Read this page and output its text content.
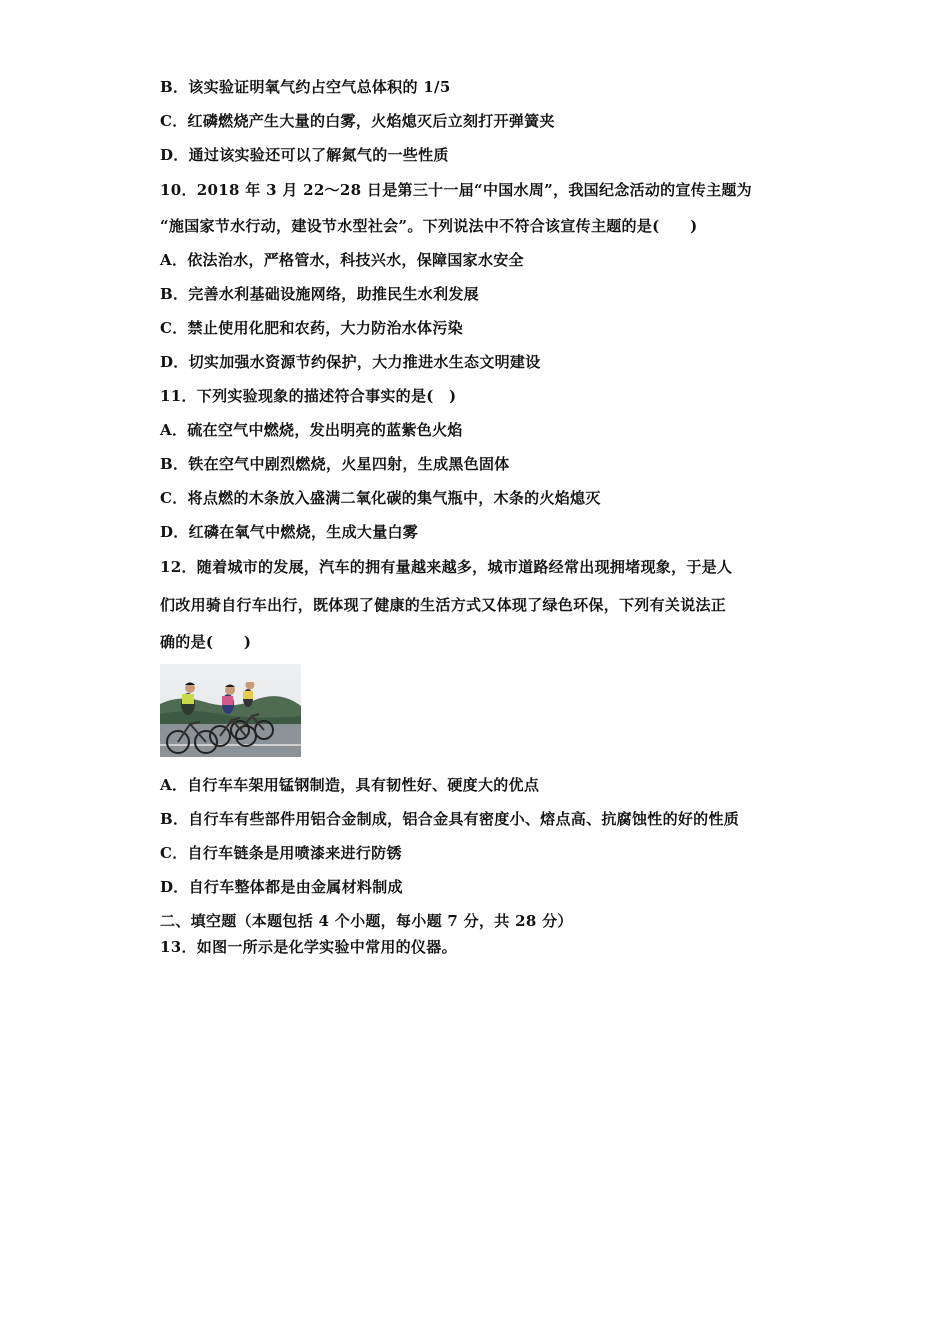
B．该实验证明氧气约占空气总体积的 1/5
C．红磷燃烧产生大量的白雾，火焰熄灭后立刻打开弹簧夹
D．通过该实验还可以了解氮气的一些性质
10．2018 年 3 月 22～28 日是第三十一届“中国水周”，我国纪念活动的宣传主题为
“施国家节水行动，建设节水型社会”。下列说法中不符合该宣传主题的是(　　)
A．依法治水，严格管水，科技兴水，保障国家水安全
B．完善水利基础设施网络，助推民生水利发展
C．禁止使用化肥和农药，大力防治水体污染
D．切实加强水资源节约保护，大力推进水生态文明建设
11．下列实验现象的描述符合事实的是(　)
A．硫在空气中燃烧，发出明亮的蓝紫色火焰
B．铁在空气中剧烈燃烧，火星四射，生成黑色固体
C．将点燃的木条放入盛满二氧化碳的集气瓶中，木条的火焰熄灭
D．红磷在氧气中燃烧，生成大量白雾
12．随着城市的发展，汽车的拥有量越来越多，城市道路经常出现拥堵现象，于是人
们改用骑自行车出行，既体现了健康的生活方式又体现了绿色环保，下列有关说法正
确的是(　　)
A．自行车车架用锰钢制造，具有韧性好、硬度大的优点
B．自行车有些部件用铝合金制成，铝合金具有密度小、熔点高、抗腐蚀性的好的性质
C．自行车链条是用喷漆来进行防锈
D．自行车整体都是由金属材料制成
二、填空题（本题包括 4 个小题，每小题 7 分，共 28 分）
13．如图一所示是化学实验中常用的仪器。
